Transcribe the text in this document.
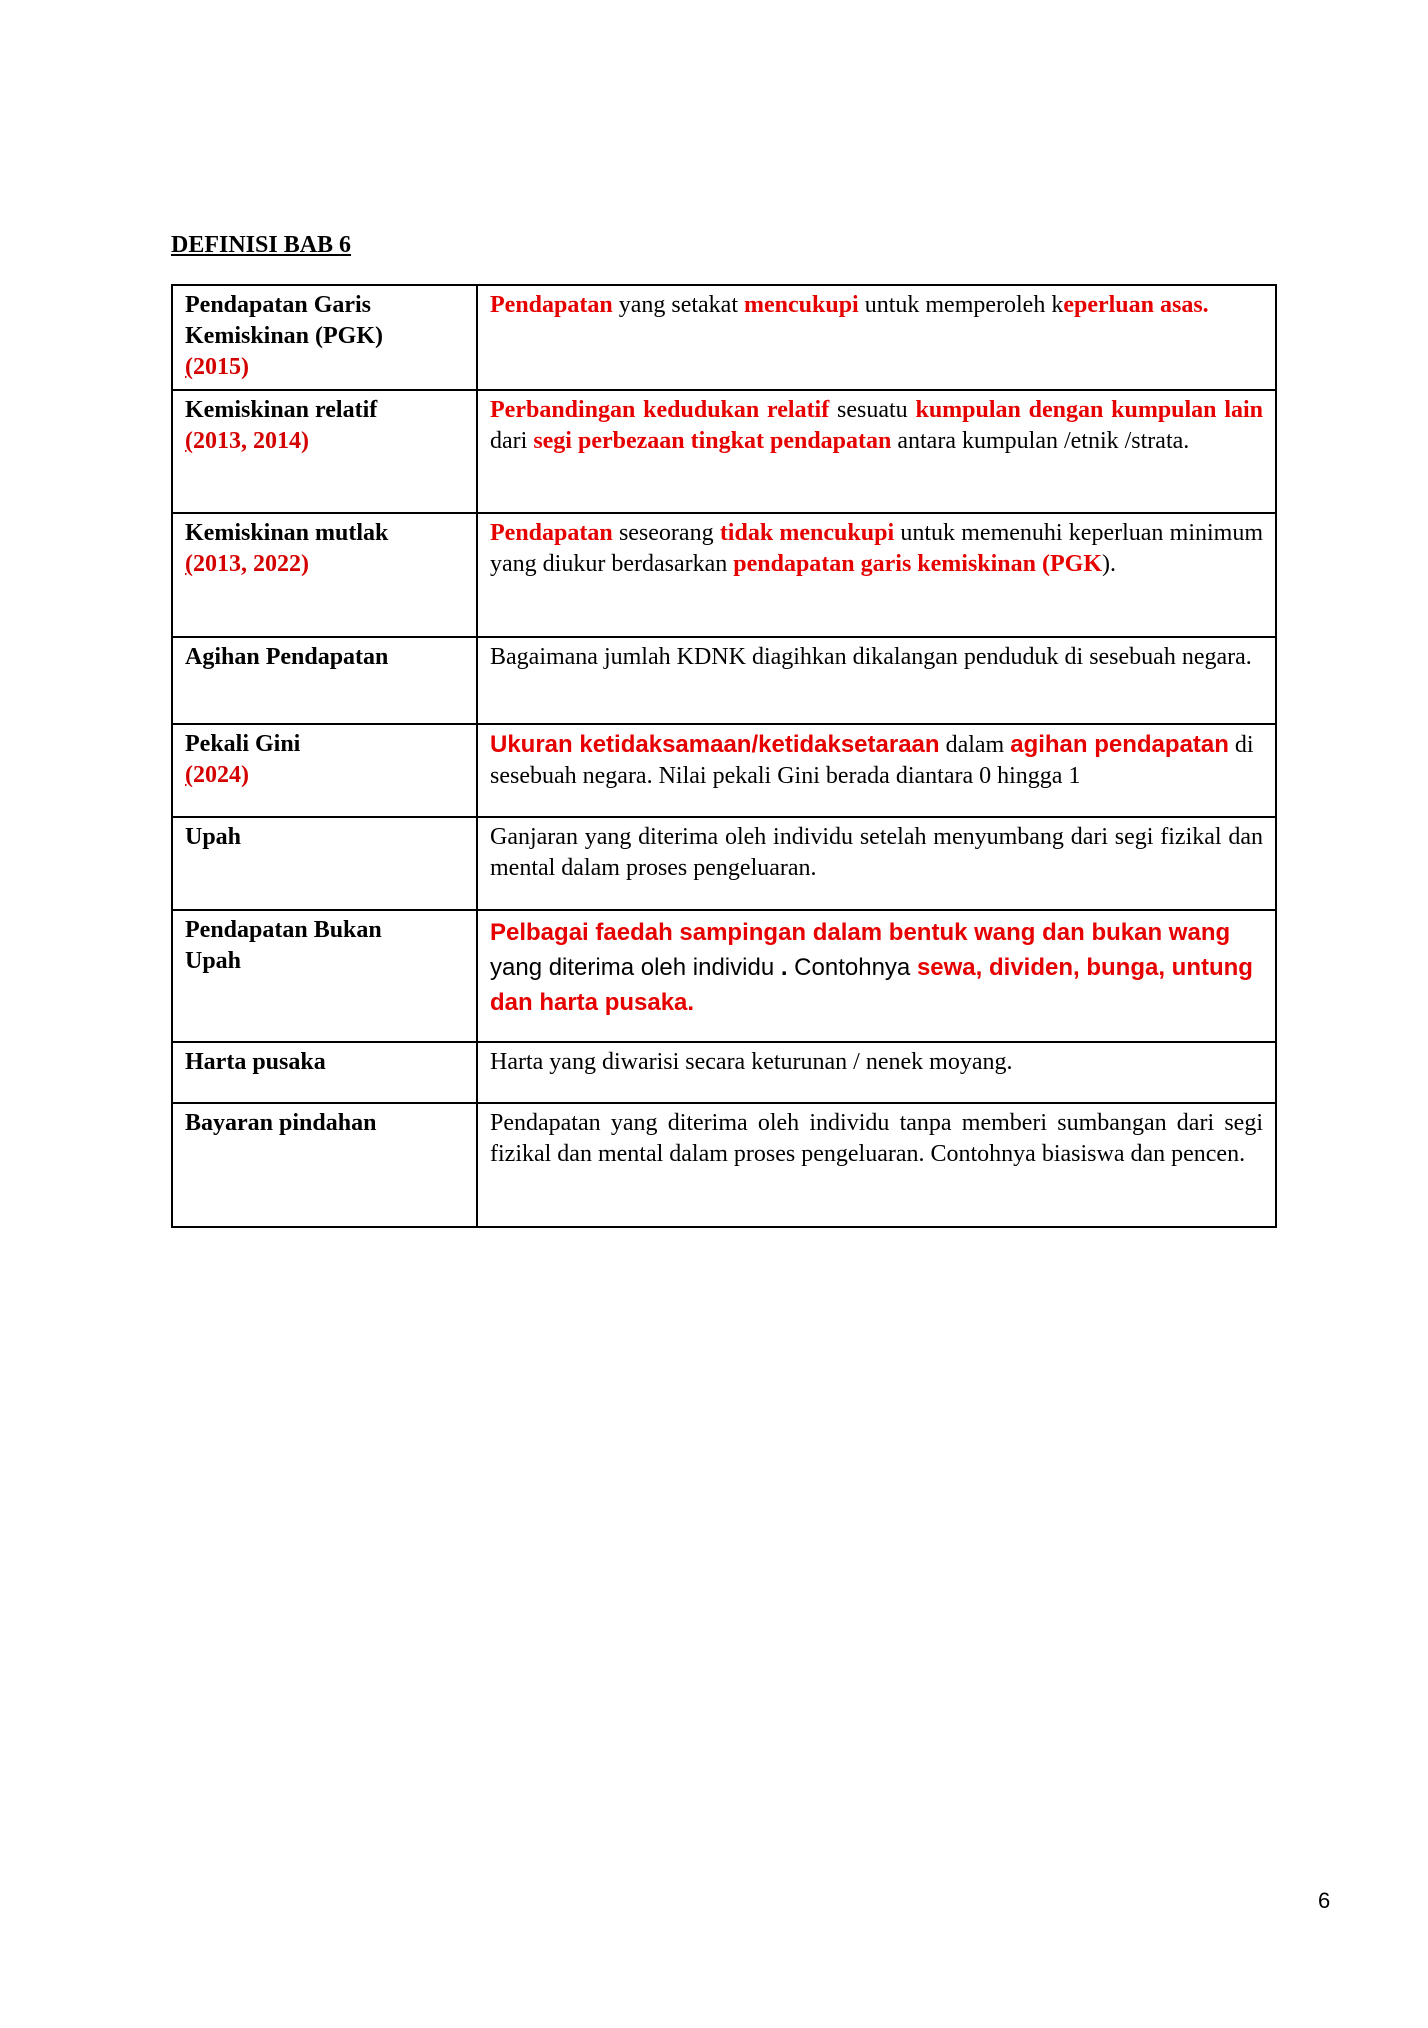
DEFINISI BAB 6
Pendapatan Garis
Kemiskinan (PGK)
(2015)	Pendapatan yang setakat mencukupi untuk memperoleh keperluan asas.

Kemiskinan relatif
(2013, 2014)	Perbandingan kedudukan relatif sesuatu kumpulan dengan kumpulan lain dari segi perbezaan tingkat pendapatan antara kumpulan /etnik /strata.

Kemiskinan mutlak
(2013, 2022)	Pendapatan seseorang tidak mencukupi untuk memenuhi keperluan minimum yang diukur berdasarkan pendapatan garis kemiskinan (PGK).

Agihan Pendapatan	Bagaimana jumlah KDNK diagihkan dikalangan penduduk di sesebuah negara.

Pekali Gini
(2024)	Ukuran ketidaksamaan/ketidaksetaraan dalam agihan pendapatan di sesebuah negara. Nilai pekali Gini berada diantara 0 hingga 1

Upah	Ganjaran yang diterima oleh individu setelah menyumbang dari segi fizikal dan mental dalam proses pengeluaran.

Pendapatan Bukan
Upah	Pelbagai faedah sampingan dalam bentuk wang dan bukan wang yang diterima oleh individu . Contohnya sewa, dividen, bunga, untung dan harta pusaka.

Harta pusaka	Harta yang diwarisi secara keturunan / nenek moyang.

Bayaran pindahan	Pendapatan yang diterima oleh individu tanpa memberi sumbangan dari segi fizikal dan mental dalam proses pengeluaran. Contohnya biasiswa dan pencen.
6
